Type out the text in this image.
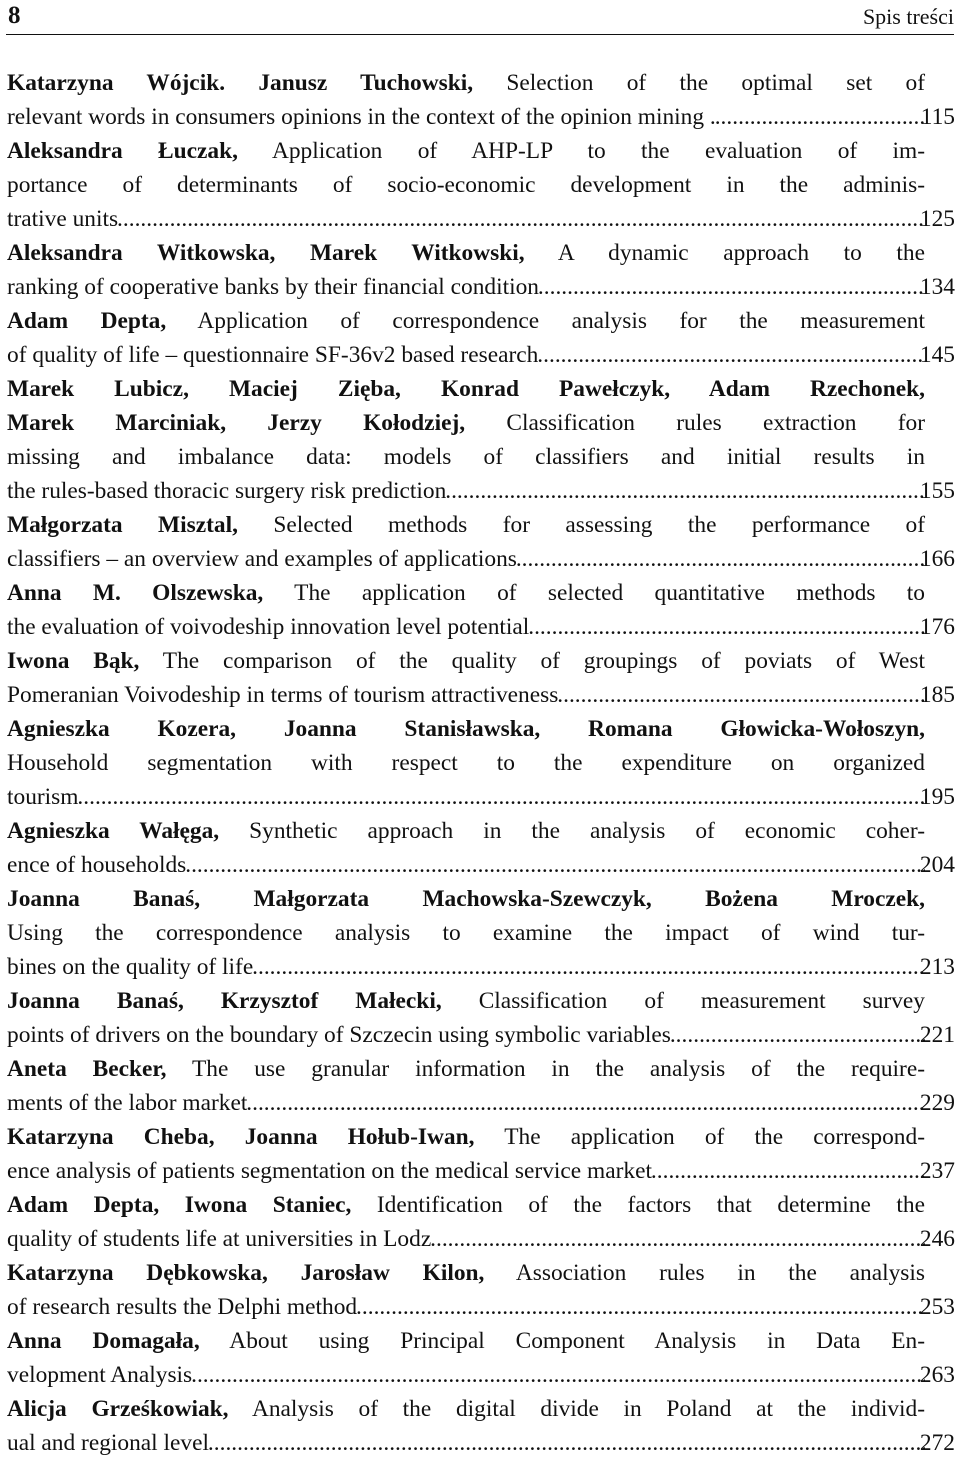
8	Spis treści
Katarzyna Wójcik. Janusz Tuchowski, Selection of the optimal set of
relevant words in consumers opinions in the context of the opinion mining . .....	115
Aleksandra Łuczak, Application of AHP-LP to the evaluation of im-
portance of determinants of socio-economic development in the adminis-
trative units .....	125
Aleksandra Witkowska, Marek Witkowski, A dynamic approach to the
ranking of cooperative banks by their financial condition .....	134
Adam Depta, Application of correspondence analysis for the measurement
of quality of life – questionnaire SF-36v2 based research .....	145
Marek Lubicz, Maciej Zięba, Konrad Pawełczyk, Adam Rzechonek,
Marek Marciniak, Jerzy Kołodziej, Classification rules extraction for
missing and imbalance data: models of classifiers and initial results in
the rules-based thoracic surgery risk prediction .....	155
Małgorzata Misztal, Selected methods for assessing the performance of
classifiers – an overview and examples of applications .....	166
Anna M. Olszewska, The application of selected quantitative methods to
the evaluation of voivodeship innovation level potential .....	176
Iwona Bąk, The comparison of the quality of groupings of poviats of West
Pomeranian Voivodeship in terms of tourism attractiveness .....	185
Agnieszka Kozera, Joanna Stanisławska, Romana Głowicka-Wołoszyn,
Household segmentation with respect to the expenditure on organized
tourism .....	195
Agnieszka Wałęga, Synthetic approach in the analysis of economic coher-
ence of households .....	204
Joanna Banaś, Małgorzata Machowska-Szewczyk, Bożena Mroczek,
Using the correspondence analysis to examine the impact of wind tur-
bines on the quality of life .....	213
Joanna Banaś, Krzysztof Małecki, Classification of measurement survey
points of drivers on the boundary of Szczecin using symbolic variables .....	221
Aneta Becker, The use granular information in the analysis of the require-
ments of the labor market .....	229
Katarzyna Cheba, Joanna Hołub-Iwan, The application of the correspond-
ence analysis of patients segmentation on the medical service market .....	237
Adam Depta, Iwona Staniec, Identification of the factors that determine the
quality of students life at universities in Lodz .....	246
Katarzyna Dębkowska, Jarosław Kilon, Association rules in the analysis
of research results the Delphi method .....	253
Anna Domagała, About using Principal Component Analysis in Data En-
velopment Analysis .....	263
Alicja Grześkowiak, Analysis of the digital divide in Poland at the individ-
ual and regional level .....	272
